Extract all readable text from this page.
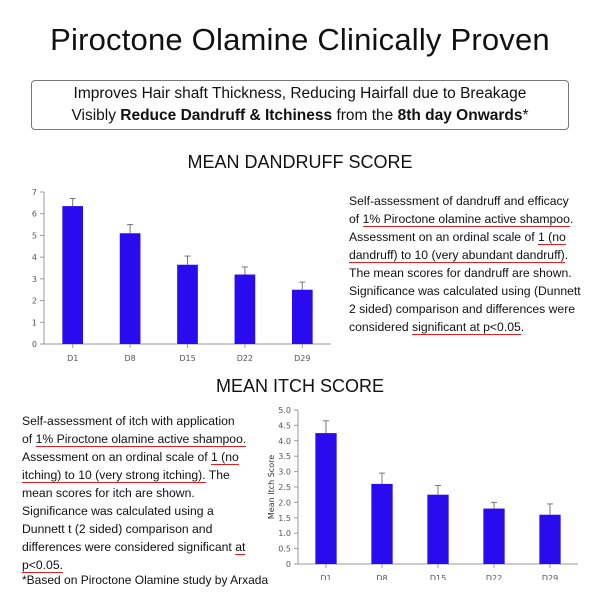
Piroctone Olamine Clinically Proven
Improves Hair shaft Thickness, Reducing Hairfall due to Breakage
Visibly Reduce Dandruff & Itchiness from the 8th day Onwards*
MEAN DANDRUFF SCORE
0
1
2
3
4
5
6
7
D1	D8	D15	D22	D29

Self-assessment of dandruff and efficacy of 1% Piroctone olamine active shampoo. Assessment on an ordinal scale of 1 (no dandruff) to 10 (very abundant dandruff). The mean scores for dandruff are shown. Significance was calculated using (Dunnett 2 sided) comparison and differences were considered significant at p<0.05.

MEAN ITCH SCORE

Self-assessment of itch with application of 1% Piroctone olamine active shampoo. Assessment on an ordinal scale of 1 (no itching) to 10 (very strong itching). The mean scores for itch are shown. Significance was calculated using a Dunnett t (2 sided) comparison and differences were considered significant at p<0.05.	0
0.5
1.0
1.5
2.0
2.5
3.0
3.5
4.0
4.5
5.0
Mean Itch Score
D1	D8	D15	D22	D29
*Based on Piroctone Olamine study by Arxada
